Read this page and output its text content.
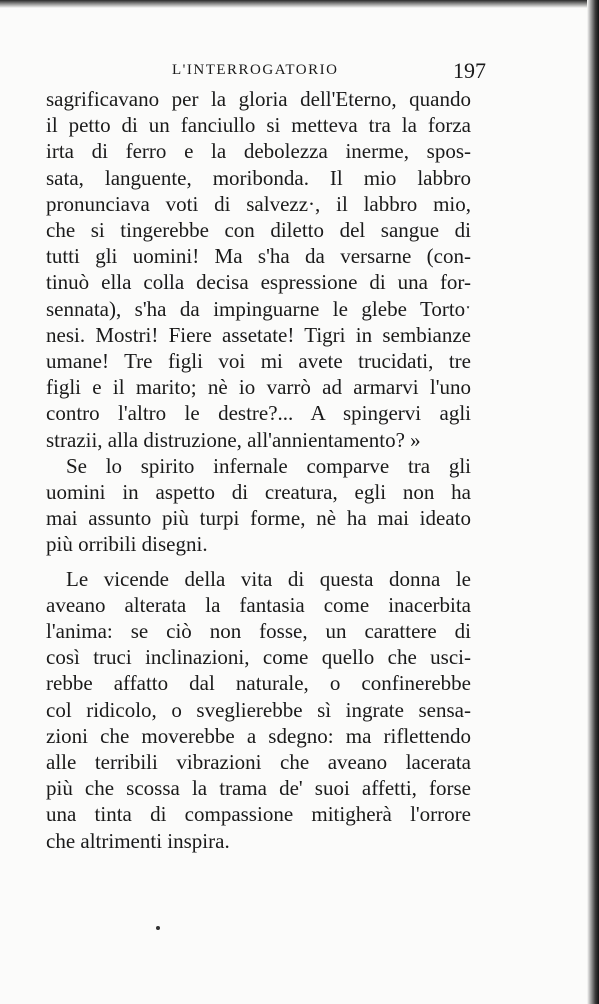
L'INTERROGATORIO	197
sagrificavano per la gloria dell'Eterno, quando
il petto di un fanciullo si metteva tra la forza
irta di ferro e la debolezza inerme, spos-
sata, languente, moribonda. Il mio labbro
pronunciava voti di salvezz·, il labbro mio,
che si tingerebbe con diletto del sangue di
tutti gli uomini! Ma s'ha da versarne (con-
tinuò ella colla decisa espressione di una for-
sennata), s'ha da impinguarne le glebe Tortoˑ
nesi. Mostri! Fiere assetate! Tigri in sembianze
umane! Tre figli voi mi avete trucidati, tre
figli e il marito; nè io varrò ad armarvi l'uno
contro l'altro le destre?... A spingervi agli
strazii, alla distruzione, all'annientamento? »
Se lo spirito infernale comparve tra gli
uomini in aspetto di creatura, egli non ha
mai assunto più turpi forme, nè ha mai ideato
più orribili disegni.
Le vicende della vita di questa donna le
aveano alterata la fantasia come inacerbita
l'anima: se ciò non fosse, un carattere di
così truci inclinazioni, come quello che usci-
rebbe affatto dal naturale, o confinerebbe
col ridicolo, o sveglierebbe sì ingrate sensa-
zioni che moverebbe a sdegno: ma riflettendo
alle terribili vibrazioni che aveano lacerata
più che scossa la trama de' suoi affetti, forse
una tinta di compassione mitigherà l'orrore
che altrimenti inspira.
